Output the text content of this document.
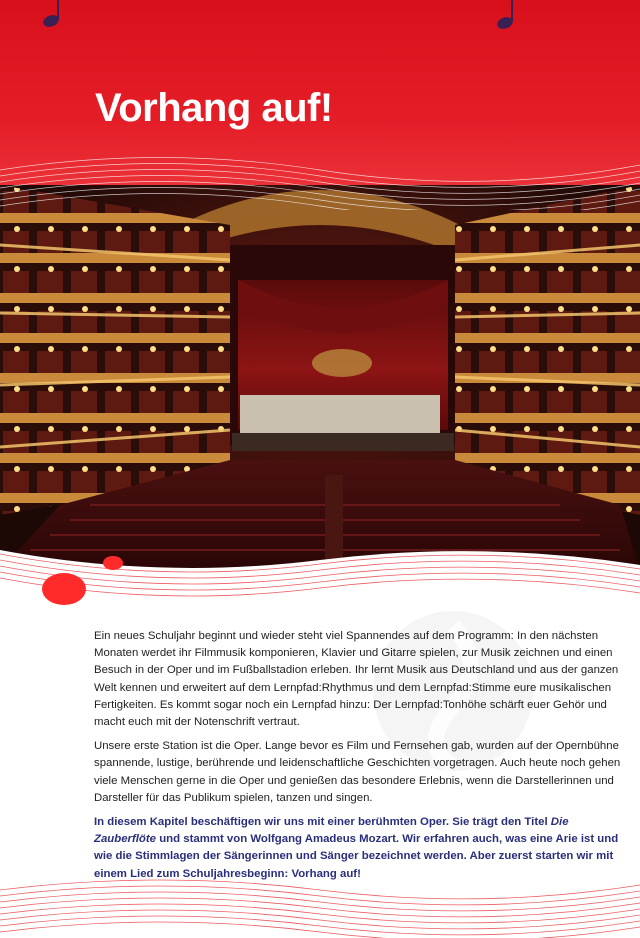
Vorhang auf!

Ein neues Schuljahr beginnt und wieder steht viel Spannendes auf dem Programm: In den nächsten Monaten werdet ihr Filmmusik komponieren, Klavier und Gitarre spielen, zur Musik zeichnen und einen Besuch in der Oper und im Fußballstadion erleben. Ihr lernt Musik aus Deutschland und aus der ganzen Welt kennen und erweitert auf dem Lernpfad:Rhythmus und dem Lernpfad:Stimme eure musikalischen Fertigkeiten. Es kommt sogar noch ein Lernpfad hinzu: Der Lernpfad:Tonhöhe schärft euer Gehör und macht euch mit der Notenschrift vertraut.

Unsere erste Station ist die Oper. Lange bevor es Film und Fernsehen gab, wurden auf der Opernbühne spannende, lustige, berührende und leidenschaftliche Geschichten vorgetragen. Auch heute noch gehen viele Menschen gerne in die Oper und genießen das besondere Erlebnis, wenn die Darstellerinnen und Darsteller für das Publikum spielen, tanzen und singen.

In diesem Kapitel beschäftigen wir uns mit einer berühmten Oper. Sie trägt den Titel Die Zauberflöte und stammt von Wolfgang Amadeus Mozart. Wir erfahren auch, was eine Arie ist und wie die Stimmlagen der Sängerinnen und Sänger bezeichnet werden. Aber zuerst starten wir mit einem Lied zum Schuljahresbeginn: Vorhang auf!
